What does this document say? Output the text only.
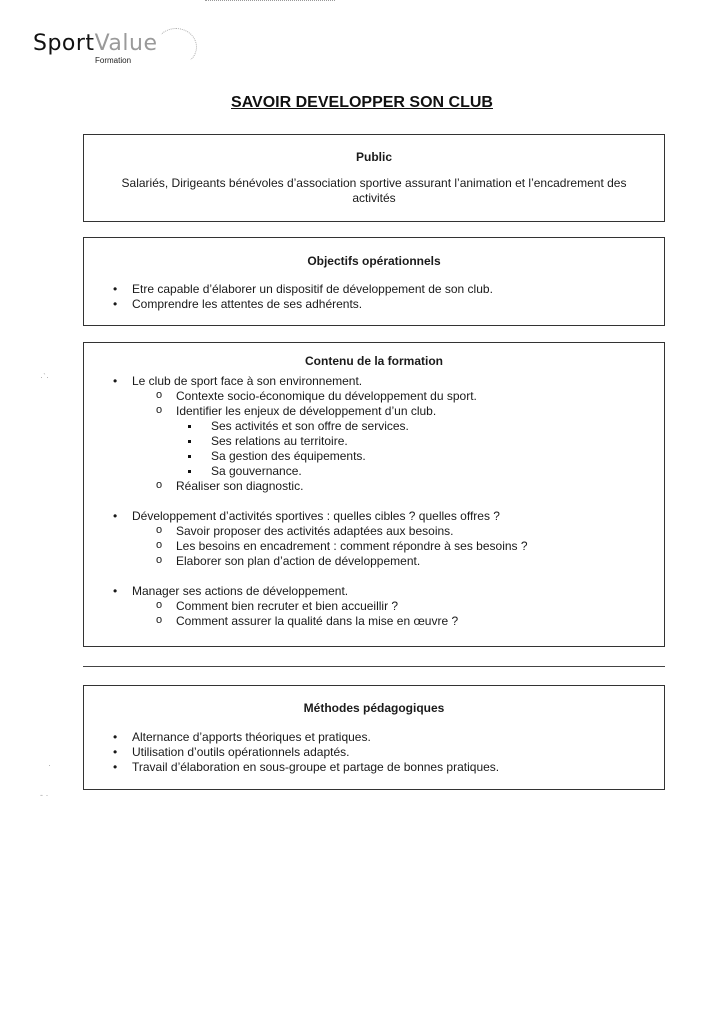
SportValue
Formation
SAVOIR DEVELOPPER SON CLUB
Public

Salariés, Dirigeants bénévoles d’association sportive assurant l’animation et l’encadrement des activités

Objectifs opérationnels
• Etre capable d’élaborer un dispositif de développement de son club.
• Comprendre les attentes de ses adhérents.
Contenu de la formation
• Le club de sport face à son environnement.
o Contexte socio-économique du développement du sport.
o Identifier les enjeux de développement d’un club.
Ses activités et son offre de services.
Ses relations au territoire.
Sa gestion des équipements.
Sa gouvernance.
o Réaliser son diagnostic.
• Développement d’activités sportives : quelles cibles ? quelles offres ?
o Savoir proposer des activités adaptées aux besoins.
o Les besoins en encadrement : comment répondre à ses besoins ?
o Elaborer son plan d’action de développement.
• Manager ses actions de développement.
o Comment bien recruter et bien accueillir ?
o Comment assurer la qualité dans la mise en œuvre ?
Méthodes pédagogiques
• Alternance d’apports théoriques et pratiques.
• Utilisation d’outils opérationnels adaptés.
• Travail d’élaboration en sous-groupe et partage de bonnes pratiques.
·ˋ·
·
- ·
